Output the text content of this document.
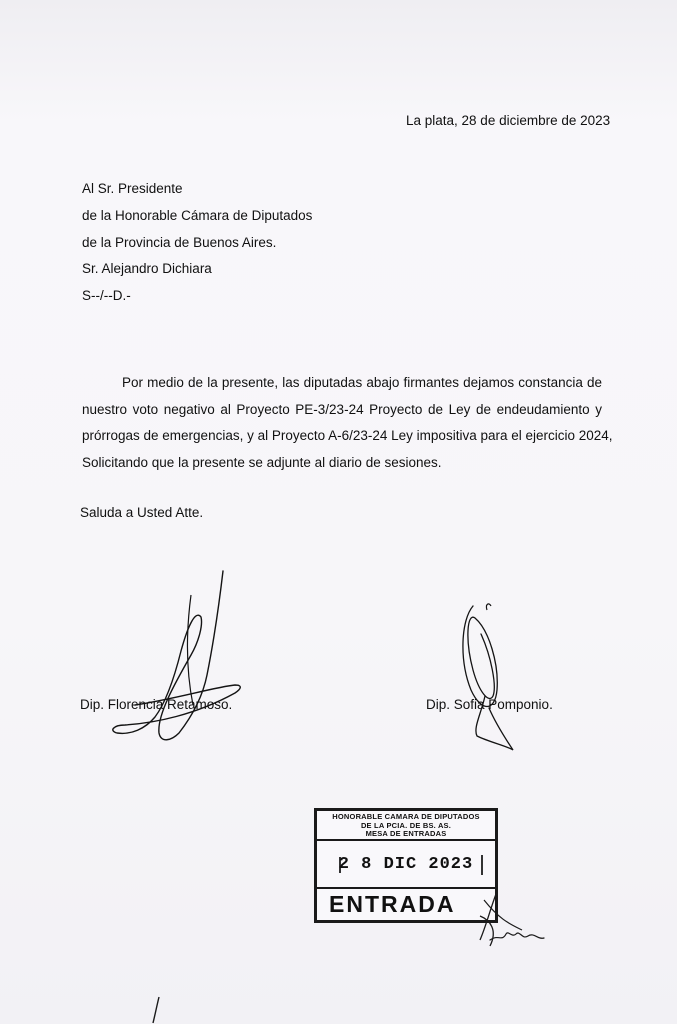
La plata, 28 de diciembre de 2023
Al Sr. Presidente
de la Honorable Cámara de Diputados
de la Provincia de Buenos Aires.
Sr. Alejandro Dichiara
S--/--D.-
Por medio de la presente, las diputadas abajo firmantes dejamos constancia de
nuestro voto negativo al Proyecto PE-3/23-24 Proyecto de Ley de endeudamiento y
prórrogas de emergencias, y al Proyecto A-6/23-24 Ley impositiva para el ejercicio 2024,
Solicitando que la presente se adjunte al diario de sesiones.
Saluda a Usted Atte.
Dip. Florencia Retamoso.	Dip. Sofia Pomponio.
HONORABLE CAMARA DE DIPUTADOS
DE LA PCIA. DE BS. AS.
MESA DE ENTRADAS
2 8 DIC 2023
ENTRADA
